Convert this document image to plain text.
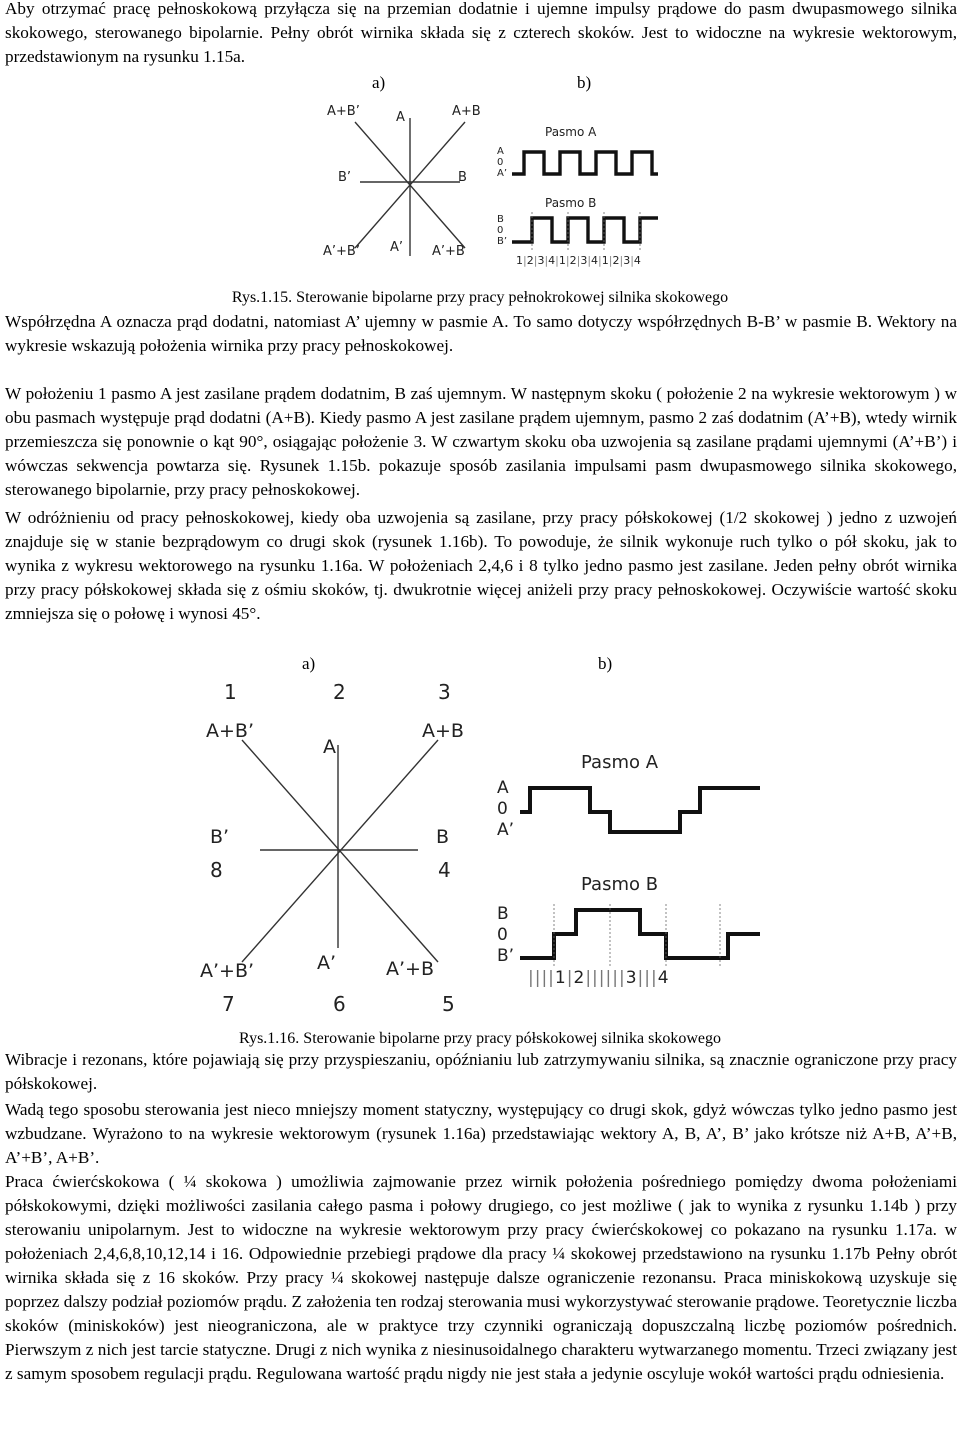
Aby otrzymać pracę pełnoskokową przyłącza się na przemian dodatnie i ujemne impulsy prądowe do pasm dwupasmowego silnika skokowego, sterowanego bipolarnie. Pełny obrót wirnika składa się z czterech skoków. Jest to widoczne na wykresie wektorowym, przedstawionym na rysunku 1.15a.

a)	b)
A+B’	A	A+B
B’	B
A’+B’ A’ A’+B
Pasmo A
A
0
A’
Pasmo B
B
0
B’
1|2|3|4|1|2|3|4|1|2|3|4
Rys.1.15. Sterowanie bipolarne przy pracy pełnokrokowej silnika skokowego

Współrzędna A oznacza prąd dodatni, natomiast A’ ujemny w pasmie A. To samo dotyczy współrzędnych B-B’ w pasmie B. Wektory na wykresie wskazują położenia wirnika przy pracy pełnoskokowej.

W położeniu 1 pasmo A jest zasilane prądem dodatnim, B zaś ujemnym. W następnym skoku ( położenie 2 na wykresie wektorowym ) w obu pasmach występuje prąd dodatni (A+B). Kiedy pasmo A jest zasilane prądem ujemnym, pasmo 2 zaś dodatnim (A’+B), wtedy wirnik przemieszcza się ponownie o kąt 90°, osiągając położenie 3. W czwartym skoku oba uzwojenia są zasilane prądami ujemnymi (A’+B’) i wówczas sekwencja powtarza się. Rysunek 1.15b. pokazuje sposób zasilania impulsami pasm dwupasmowego silnika skokowego, sterowanego bipolarnie, przy pracy pełnoskokowej.

W odróżnieniu od pracy pełnoskokowej, kiedy oba uzwojenia są zasilane, przy pracy półskokowej (1/2 skokowej ) jedno z uzwojeń znajduje się w stanie bezprądowym co drugi skok (rysunek 1.16b). To powoduje, że silnik wykonuje ruch tylko o pół skoku, jak to wynika z wykresu wektorowego na rysunku 1.16a. W położeniach 2,4,6 i 8 tylko jedno pasmo jest zasilane. Jeden pełny obrót wirnika przy pracy półskokowej składa się z ośmiu skoków, tj. dwukrotnie więcej aniżeli przy pracy pełnoskokowej. Oczywiście wartość skoku zmniejsza się o połowę i wynosi 45°.

a)	b)
1	2	3
A+B’
A
A+B
B’	B
8	4
A’+B’	A’	A’+B
7	6	5
Pasmo A
A
0
A’
Pasmo B
B
0
B’
||||1|2||||||3|||4
Rys.1.16. Sterowanie bipolarne przy pracy półskokowej silnika skokowego

Wibracje i rezonans, które pojawiają się przy przyspieszaniu, opóźnianiu lub zatrzymywaniu silnika, są znacznie ograniczone przy pracy półskokowej.

Wadą tego sposobu sterowania jest nieco mniejszy moment statyczny, występujący co drugi skok, gdyż wówczas tylko jedno pasmo jest wzbudzane. Wyrażono to na wykresie wektorowym (rysunek 1.16a) przedstawiając wektory A, B, A’, B’ jako krótsze niż A+B, A’+B, A’+B’, A+B’.

Praca ćwierćskokowa ( ¼ skokowa ) umożliwia zajmowanie przez wirnik położenia pośredniego pomiędzy dwoma położeniami półskokowymi, dzięki możliwości zasilania całego pasma i połowy drugiego, co jest możliwe ( jak to wynika z rysunku 1.14b ) przy sterowaniu unipolarnym. Jest to widoczne na wykresie wektorowym przy pracy ćwierćskokowej co pokazano na rysunku 1.17a. w położeniach 2,4,6,8,10,12,14 i 16. Odpowiednie przebiegi prądowe dla pracy ¼ skokowej przedstawiono na rysunku 1.17b Pełny obrót wirnika składa się z 16 skoków. Przy pracy ¼ skokowej następuje dalsze ograniczenie rezonansu. Praca miniskokową uzyskuje się poprzez dalszy podział poziomów prądu. Z założenia ten rodzaj sterowania musi wykorzystywać sterowanie prądowe. Teoretycznie liczba skoków (miniskoków) jest nieograniczona, ale w praktyce trzy czynniki ograniczają dopuszczalną liczbę poziomów pośrednich. Pierwszym z nich jest tarcie statyczne. Drugi z nich wynika z niesinusoidalnego charakteru wytwarzanego momentu. Trzeci związany jest z samym sposobem regulacji prądu. Regulowana wartość prądu nigdy nie jest stała a jedynie oscyluje wokół wartości prądu odniesienia.
